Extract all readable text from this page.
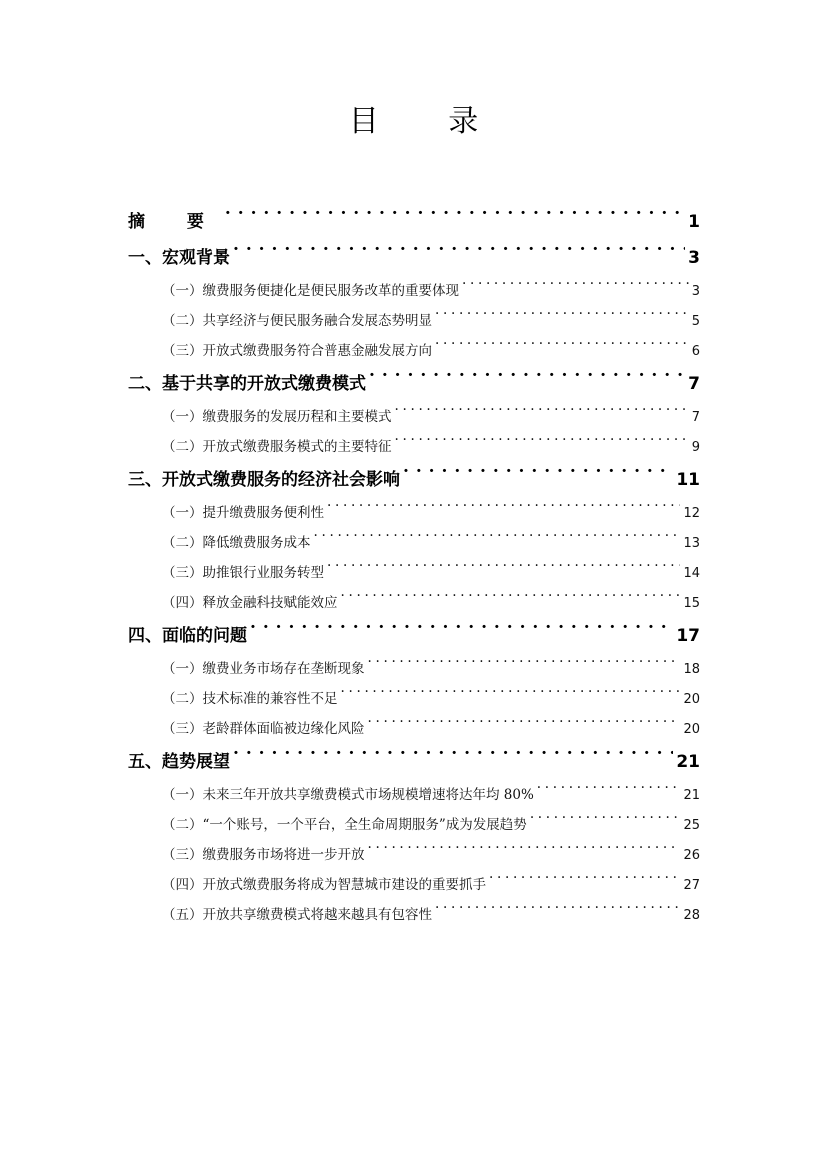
目 录
摘 要 . . .	1
一、宏观背景 . . .	3
（一）缴费服务便捷化是便民服务改革的重要体现 . . .	3
（二）共享经济与便民服务融合发展态势明显 . . .	5
（三）开放式缴费服务符合普惠金融发展方向 . . .	6
二、基于共享的开放式缴费模式 . . .	7
（一）缴费服务的发展历程和主要模式 . . .	7
（二）开放式缴费服务模式的主要特征 . . .	9
三、开放式缴费服务的经济社会影响 . . .	11
（一）提升缴费服务便利性 . . .	12
（二）降低缴费服务成本 . . .	13
（三）助推银行业服务转型 . . .	14
（四）释放金融科技赋能效应 . . .	15
四、面临的问题 . . .	17
（一）缴费业务市场存在垄断现象 . . .	18
（二）技术标准的兼容性不足 . . .	20
（三）老龄群体面临被边缘化风险 . . .	20
五、趋势展望 . . .	21
（一）未来三年开放共享缴费模式市场规模增速将达年均 80% . . .	21
（二）“一个账号，一个平台，全生命周期服务”成为发展趋势 . . .	25
（三）缴费服务市场将进一步开放 . . .	26
（四）开放式缴费服务将成为智慧城市建设的重要抓手 . . .	27
（五）开放共享缴费模式将越来越具有包容性 . . .	28
